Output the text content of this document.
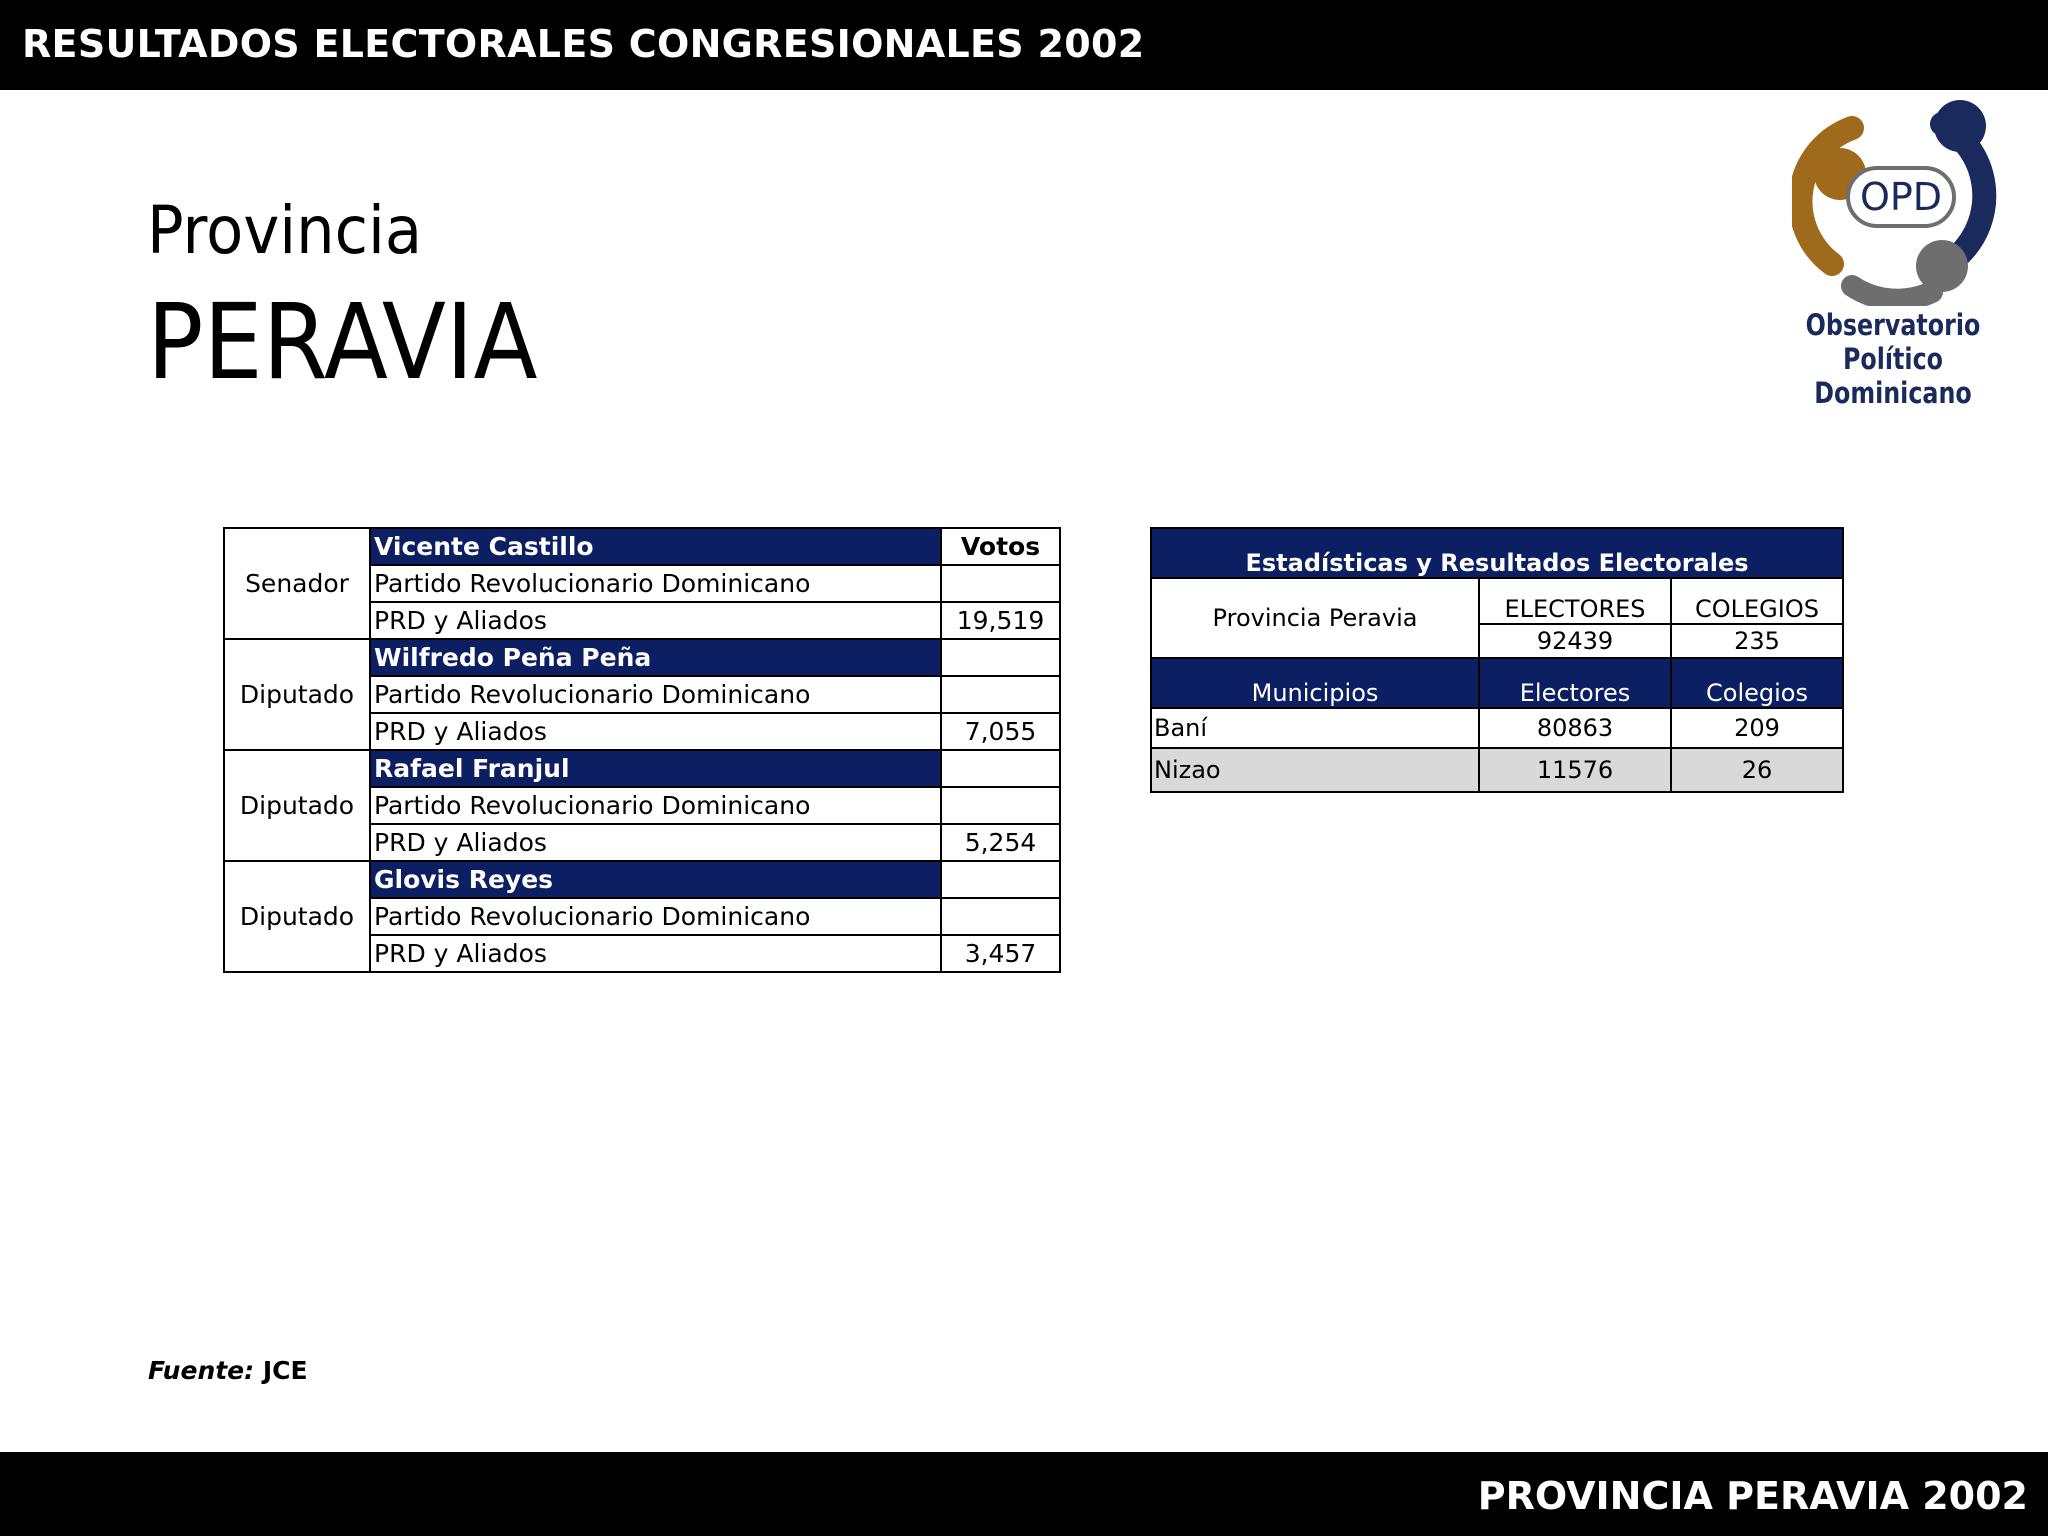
RESULTADOS ELECTORALES CONGRESIONALES 2002
Provincia
PERAVIA
OPD
Observatorio Político
Dominicano
Senador	Vicente Castillo	Votos
	Partido Revolucionario Dominicano	
	PRD y Aliados	19,519
Diputado	Wilfredo Peña Peña	
	Partido Revolucionario Dominicano	
	PRD y Aliados	7,055
Diputado	Rafael Franjul	
	Partido Revolucionario Dominicano	
	PRD y Aliados	5,254
Diputado	Glovis Reyes	
	Partido Revolucionario Dominicano	
	PRD y Aliados	3,457
Estadísticas y Resultados Electorales		
Provincia Peravia	ELECTORES	COLEGIOS
	92439	235
Municipios	Electores	Colegios
Baní	80863	209
Nizao	11576	26
Fuente: JCE
PROVINCIA PERAVIA 2002
